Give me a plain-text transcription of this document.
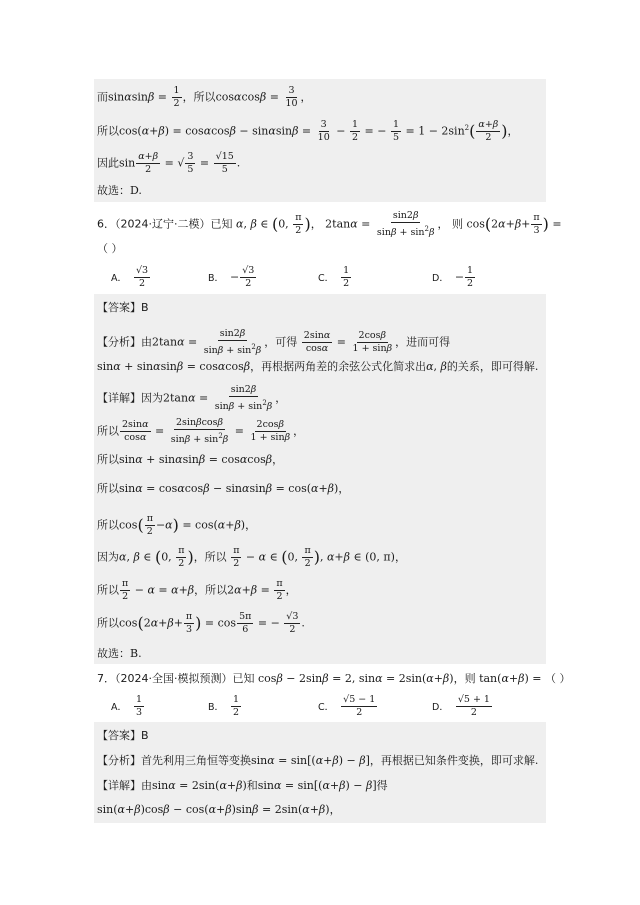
而$\sin\alpha\sin\beta = \frac{1}{2}$ ，所以$\cos\alpha\cos\beta = \frac{3}{10}$ ，
所以$\cos(\alpha+\beta) = \cos\alpha\cos\beta - \sin\alpha\sin\beta = \frac{3}{10} - \frac{1}{2}$ = − $\frac{1}{5} = 1 - 2\sin^2( \frac{\alpha+\beta}{2}$ )，
因此$\sin \frac{\alpha+\beta}{2}$ = √ $\frac{3}{5} = \frac{√15}{5}$ .
故选：D.
6．（2024·辽宁·二模）已知 α, β ∈ (0, $\frac{\pi}{2}$ )， $2\tan\alpha = \frac{\sin 2\beta}{\sin\beta + \sin^2\beta}$ ， 则 $\cos(2\alpha+\beta+ \frac{\pi}{3}$ ) =
（ ）
A． $\frac{√3}{2}$	B． − $\frac{√3}{2}$	C． $\frac{1}{2}$	D． − $\frac{1}{2}$
【答案】B
【分析】由$2\tan\alpha = \frac{\sin 2\beta}{\sin\beta + \sin^2\beta}$ ，可得 $\frac{2\sin\alpha}{\cos\alpha} = \frac{2\cos\beta}{1 + \sin\beta}$ ，进而可得
sinα + sinαsinβ = cosαcosβ，再根据两角差的余弦公式化简求出α, β的关系，即可得解.
【详解】因为$2\tan\alpha = \frac{\sin 2\beta}{\sin\beta + \sin^2\beta}$ ，
所以 $\frac{2\sin\alpha}{\cos\alpha} = \frac{2\sin\beta\cos\beta}{\sin\beta + \sin^2\beta} = \frac{2\cos\beta}{1 + \sin\beta}$ ，
所以sinα + sinαsinβ = cosαcosβ，
所以sinα = cosαcosβ − sinαsinβ = cos(α+β)，
所以$\cos( \frac{\pi}{2} -\alpha) = \cos(\alpha+\beta)$，
因为α, β ∈ (0, $\frac{\pi}{2}$ )，所以 $\frac{\pi}{2} - \alpha$ ∈ (0, $\frac{\pi}{2}$ ), α+β ∈ (0, π)，
所以 $\frac{\pi}{2} - \alpha = \alpha+\beta$，所以$2\alpha+\beta = \frac{\pi}{2}$ ，
所以$\cos(2\alpha+\beta+ \frac{\pi}{3}$ ) = $\cos \frac{5\pi}{6}$ = − $\frac{√3}{2}$ .
故选：B.
7．（2024·全国·模拟预测）已知 cosβ − 2sinβ = 2, sinα = 2sin(α+β)，则 tan(α+β) = （ ）
A． $\frac{1}{3}$	B． $\frac{1}{2}$	C． $\frac{√5 - 1}{2}$	D． $\frac{√5 + 1}{2}$
【答案】B
【分析】首先利用三角恒等变换sinα = sin[(α+β) − β]，再根据已知条件变换，即可求解.
【详解】由sinα = 2sin(α+β)和sinα = sin[(α+β) − β]得
sin(α+β)cosβ − cos(α+β)sinβ = 2sin(α+β)，
